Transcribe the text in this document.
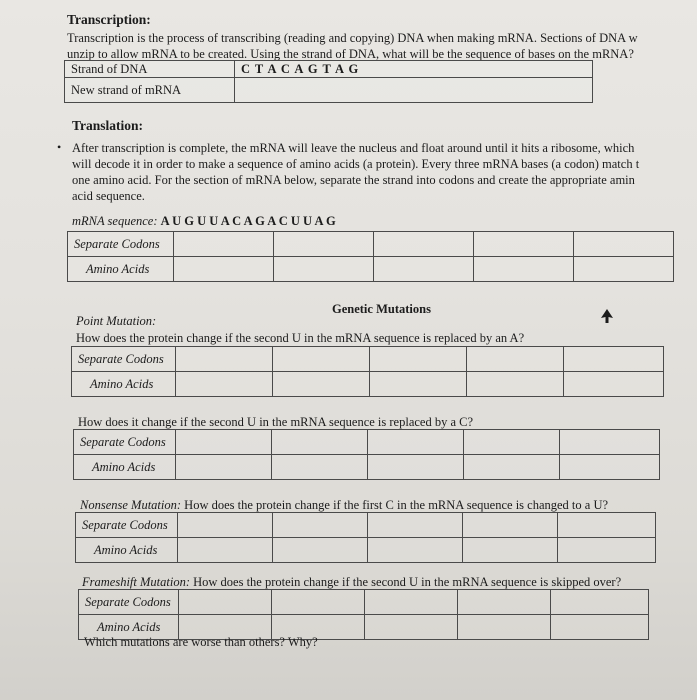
Transcription:
Transcription is the process of transcribing (reading and copying) DNA when making mRNA. Sections of DNA w
unzip to allow mRNA to be created. Using the strand of DNA, what will be the sequence of bases on the mRNA?
Strand of DNA	C T A C A G T A G
New strand of mRNA	
Translation:
• After transcription is complete, the mRNA will leave the nucleus and float around until it hits a ribosome, which
will decode it in order to make a sequence of amino acids (a protein). Every three mRNA bases (a codon) match t
one amino acid. For the section of mRNA below, separate the strand into codons and create the appropriate amin
acid sequence.
mRNA sequence: A U G U U A C A G A C U U A G
Separate Codons					
Amino Acids					
Genetic Mutations
Point Mutation:
How does the protein change if the second U in the mRNA sequence is replaced by an A?
Separate Codons					
Amino Acids					
How does it change if the second U in the mRNA sequence is replaced by a C?
Separate Codons					
Amino Acids					
Nonsense Mutation: How does the protein change if the first C in the mRNA sequence is changed to a U?
Separate Codons					
Amino Acids					
Frameshift Mutation: How does the protein change if the second U in the mRNA sequence is skipped over?
Separate Codons					
Amino Acids					
Which mutations are worse than others? Why?
